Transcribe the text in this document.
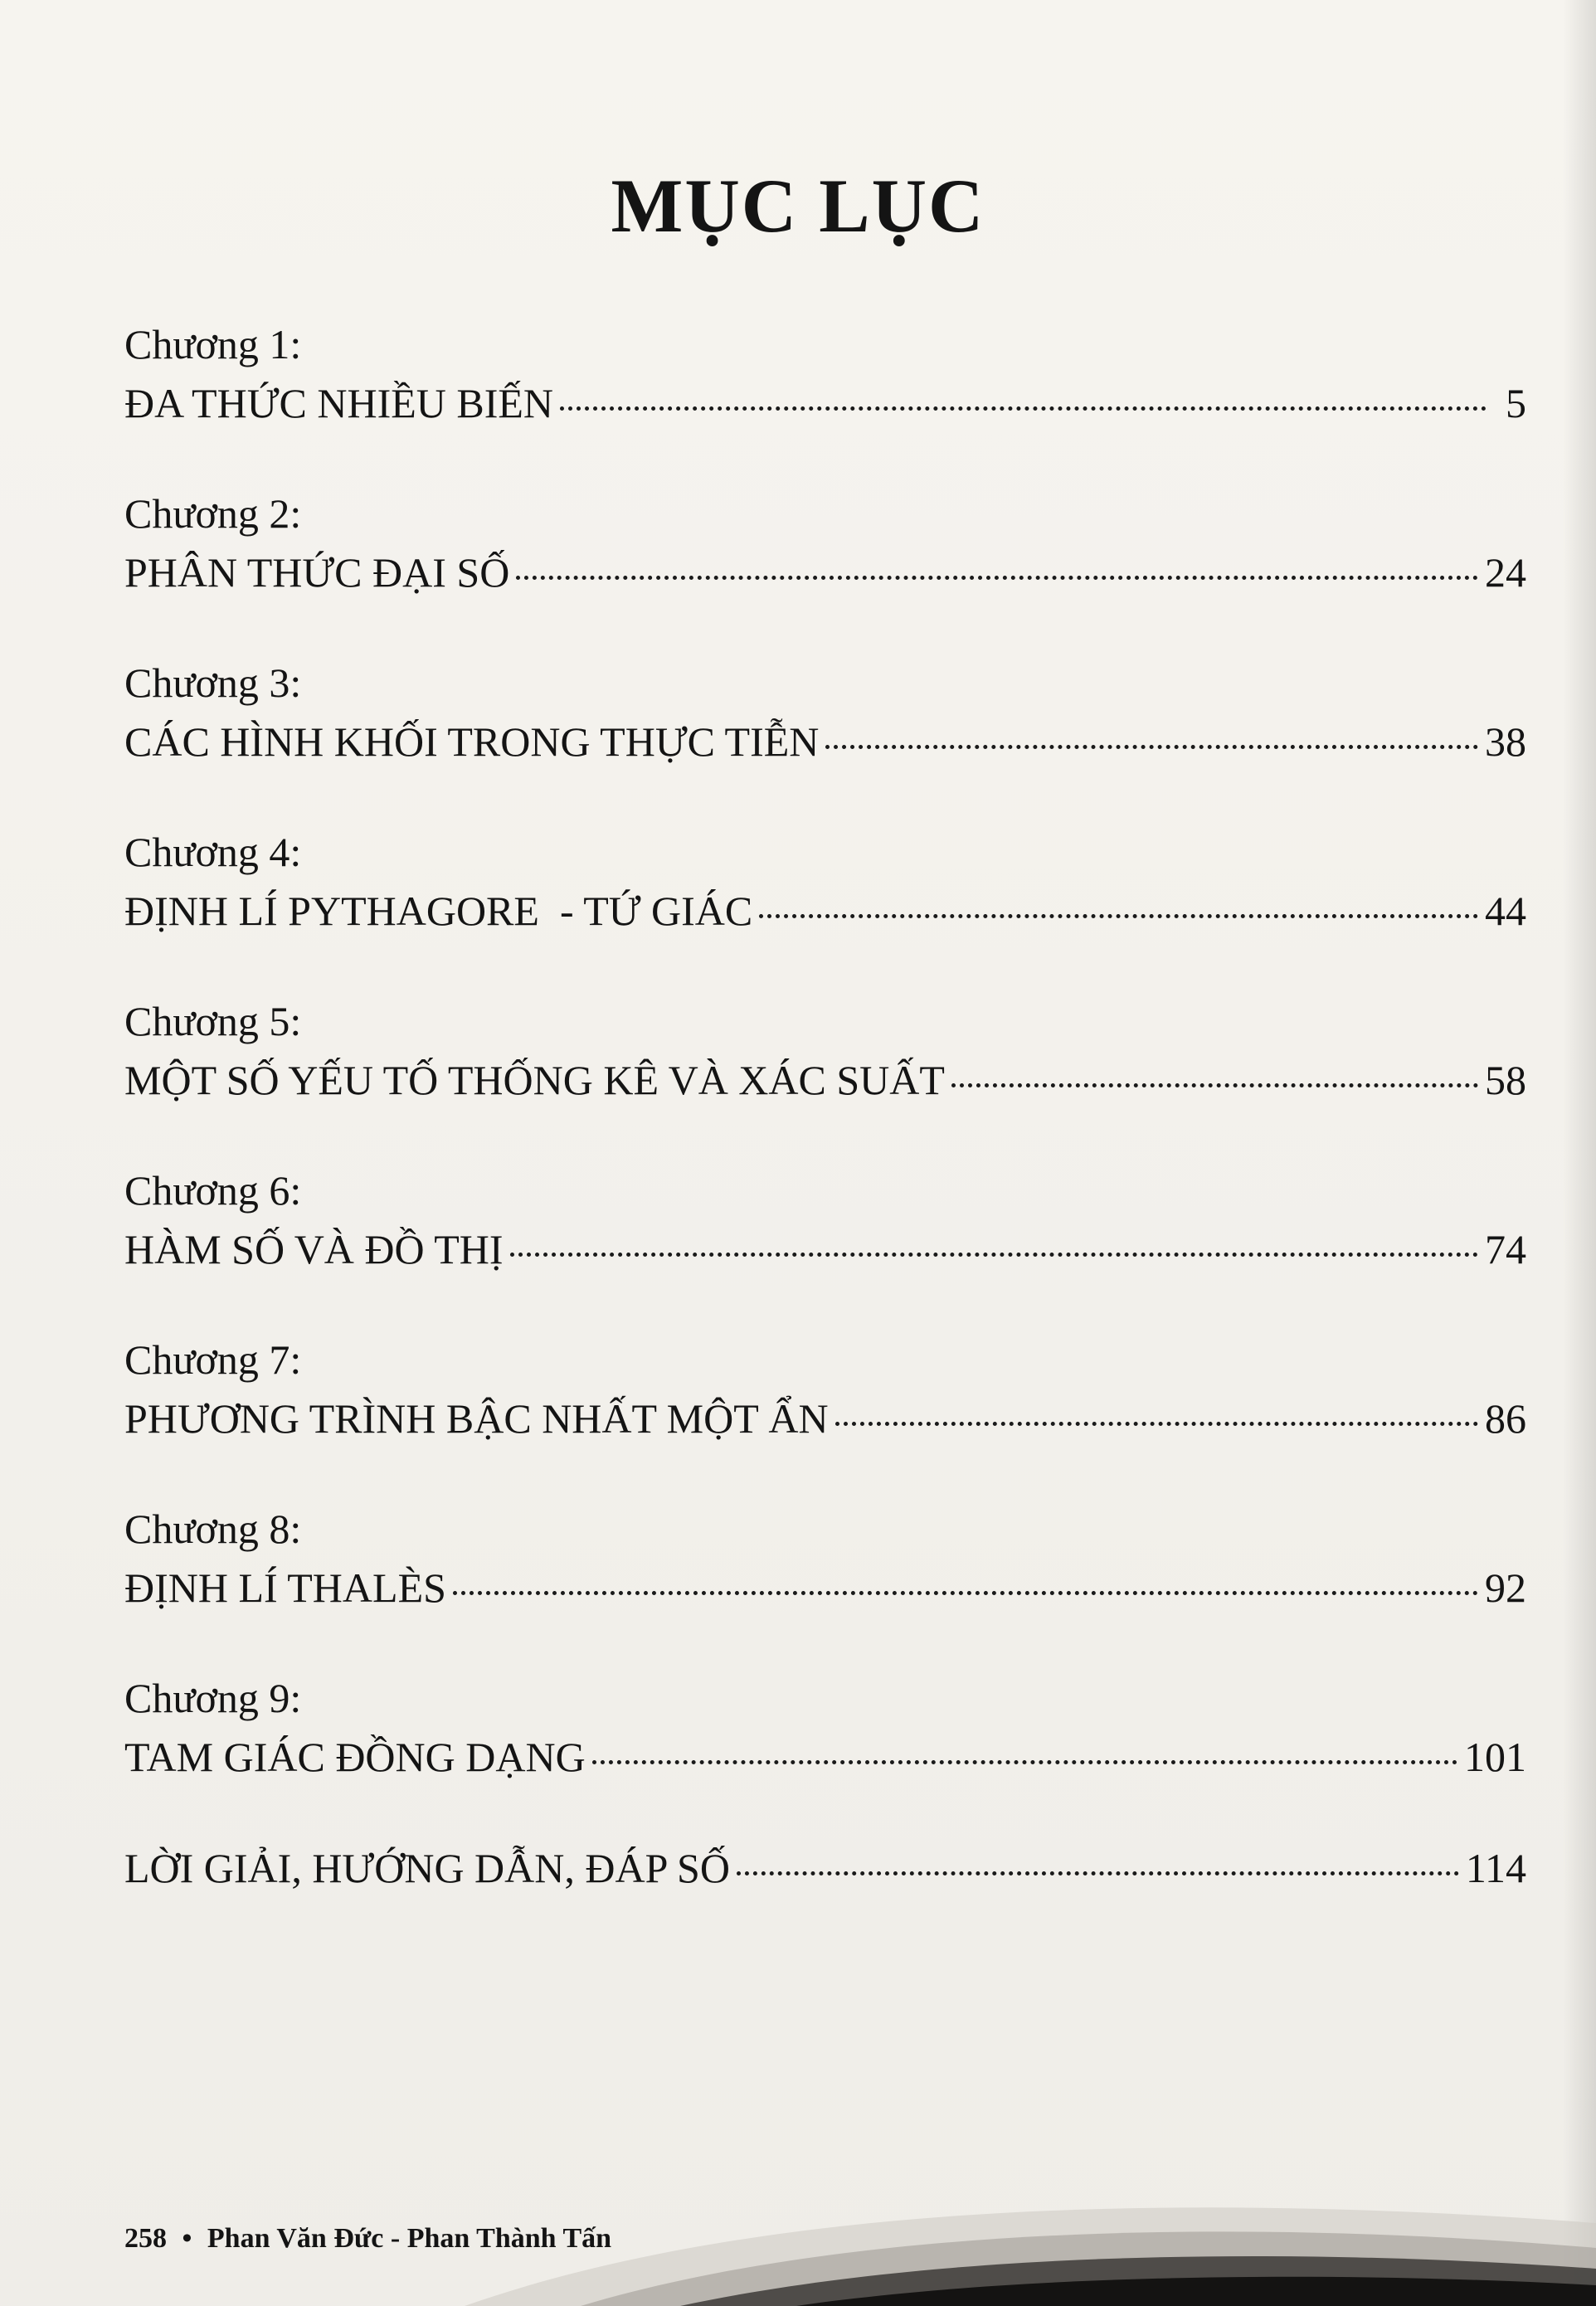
MỤC LỤC
Chương 1:
ĐA THỨC NHIỀU BIẾN	5
Chương 2:
PHÂN THỨC ĐẠI SỐ	24
Chương 3:
CÁC HÌNH KHỐI TRONG THỰC TIỄN	38
Chương 4:
ĐỊNH LÍ PYTHAGORE  - TỨ GIÁC	44
Chương 5:
MỘT SỐ YẾU TỐ THỐNG KÊ VÀ XÁC SUẤT	58
Chương 6:
HÀM SỐ VÀ ĐỒ THỊ	74
Chương 7:
PHƯƠNG TRÌNH BẬC NHẤT MỘT ẨN	86
Chương 8:
ĐỊNH LÍ THALÈS	92
Chương 9:
TAM GIÁC ĐỒNG DẠNG	101
LỜI GIẢI, HƯỚNG DẪN, ĐÁP SỐ	114
258 • Phan Văn Đức - Phan Thành Tấn
